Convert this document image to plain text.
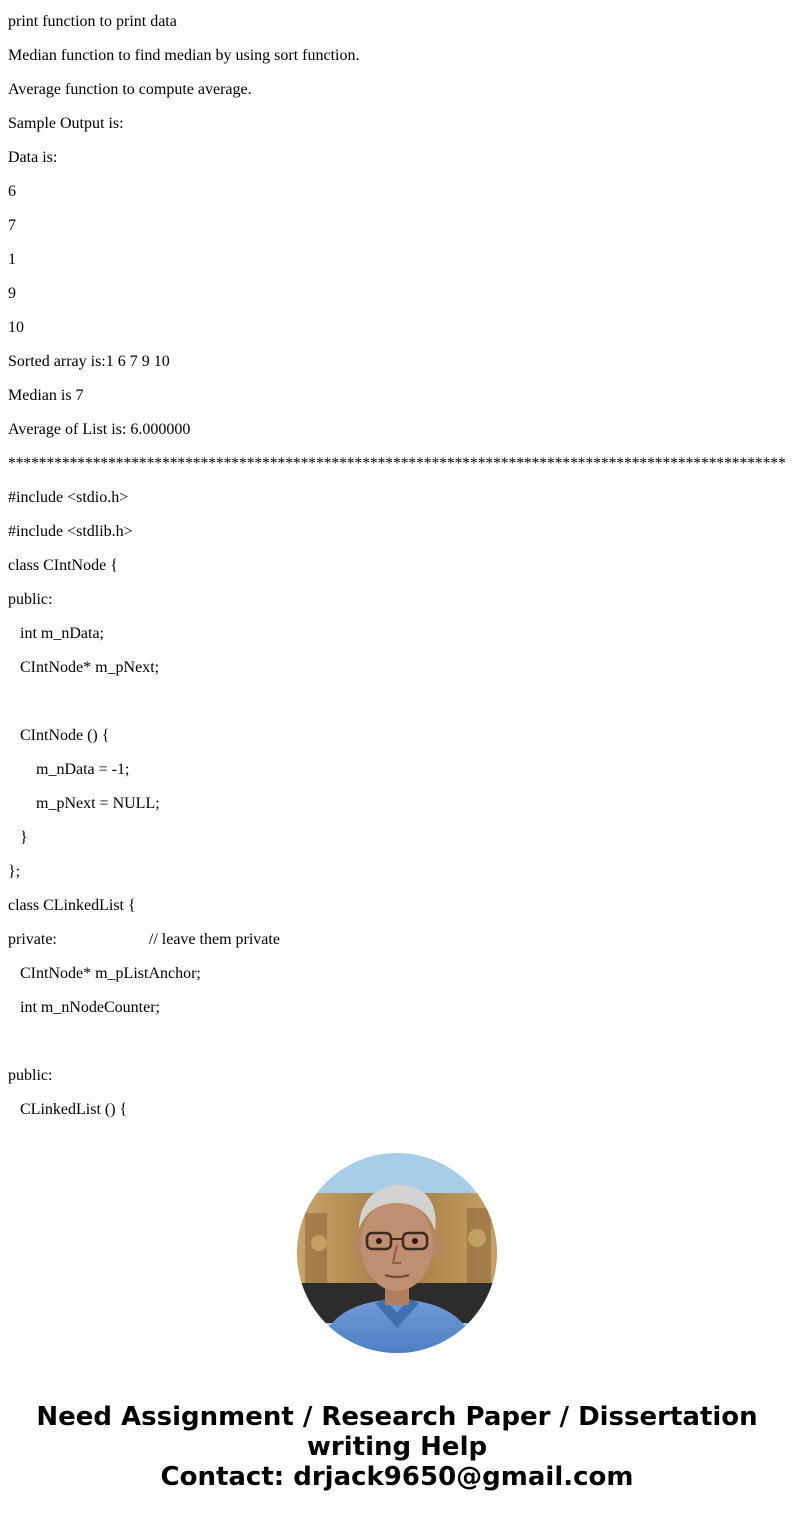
print function to print data
Median function to find median by using sort function.
Average function to compute average.
Sample Output is:
Data is:
6
7
1
9
10
Sorted array is:1 6 7 9 10
Median is 7
Average of List is: 6.000000
*****************************************************************************************************
#include <stdio.h>
#include <stdlib.h>
class CIntNode {
public:
int m_nData;
CIntNode* m_pNext;
CIntNode () {
m_nData = -1;
m_pNext = NULL;
}
};
class CLinkedList {
private:	// leave them private
CIntNode* m_pListAnchor;
int m_nNodeCounter;
public:
CLinkedList () {
Need Assignment / Research Paper / Dissertation
writing Help
Contact: drjack9650@gmail.com
